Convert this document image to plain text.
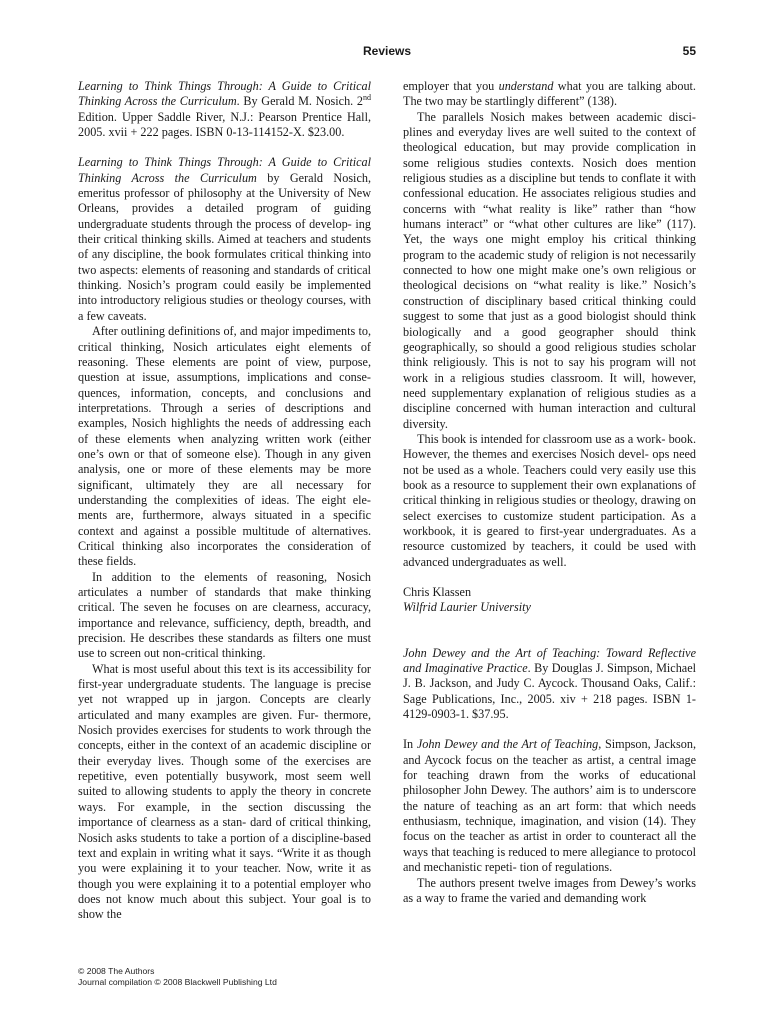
Reviews	55

Learning to Think Things Through: A Guide to Critical Thinking Across the Curriculum. By Gerald M. Nosich. 2nd Edition. Upper Saddle River, N.J.: Pearson Prentice Hall, 2005. xvii + 222 pages. ISBN 0-13-114152-X. $23.00.

Learning to Think Things Through: A Guide to Critical Thinking Across the Curriculum by Gerald Nosich, emeritus professor of philosophy at the University of New Orleans, provides a detailed program of guiding undergraduate students through the process of develop- ing their critical thinking skills. Aimed at teachers and students of any discipline, the book formulates critical thinking into two aspects: elements of reasoning and standards of critical thinking. Nosich’s program could easily be implemented into introductory religious studies or theology courses, with a few caveats.

After outlining definitions of, and major impediments to, critical thinking, Nosich articulates eight elements of reasoning. These elements are point of view, purpose, question at issue, assumptions, implications and conse- quences, information, concepts, and conclusions and interpretations. Through a series of descriptions and examples, Nosich highlights the needs of addressing each of these elements when analyzing written work (either one’s own or that of someone else). Though in any given analysis, one or more of these elements may be more significant, ultimately they are all necessary for understanding the complexities of ideas. The eight ele- ments are, furthermore, always situated in a specific context and against a possible multitude of alternatives. Critical thinking also incorporates the consideration of these fields.

In addition to the elements of reasoning, Nosich articulates a number of standards that make thinking critical. The seven he focuses on are clearness, accuracy, importance and relevance, sufficiency, depth, breadth, and precision. He describes these standards as filters one must use to screen out non-critical thinking.

What is most useful about this text is its accessibility for first-year undergraduate students. The language is precise yet not wrapped up in jargon. Concepts are clearly articulated and many examples are given. Fur- thermore, Nosich provides exercises for students to work through the concepts, either in the context of an academic discipline or their everyday lives. Though some of the exercises are repetitive, even potentially busywork, most seem well suited to allowing students to apply the theory in concrete ways. For example, in the section discussing the importance of clearness as a stan- dard of critical thinking, Nosich asks students to take a portion of a discipline-based text and explain in writing what it says. “Write it as though you were explaining it to your teacher. Now, write it as though you were explaining it to a potential employer who does not know much about this subject. Your goal is to show the

employer that you understand what you are talking about. The two may be startlingly different” (138).

The parallels Nosich makes between academic disci- plines and everyday lives are well suited to the context of theological education, but may provide complication in some religious studies contexts. Nosich does mention religious studies as a discipline but tends to conflate it with confessional education. He associates religious studies and concerns with “what reality is like” rather than “how humans interact” or “what other cultures are like” (117). Yet, the ways one might employ his critical thinking program to the academic study of religion is not necessarily connected to how one might make one’s own religious or theological decisions on “what reality is like.” Nosich’s construction of disciplinary based critical thinking could suggest to some that just as a good biologist should think biologically and a good geographer should think geographically, so should a good religious studies scholar think religiously. This is not to say his program will not work in a religious studies classroom. It will, however, need supplementary explanation of religious studies as a discipline concerned with human interaction and cultural diversity.

This book is intended for classroom use as a work- book. However, the themes and exercises Nosich devel- ops need not be used as a whole. Teachers could very easily use this book as a resource to supplement their own explanations of critical thinking in religious studies or theology, drawing on select exercises to customize student participation. As a workbook, it is geared to first-year undergraduates. As a resource customized by teachers, it could be used with advanced undergraduates as well.

Chris Klassen

Wilfrid Laurier University

John Dewey and the Art of Teaching: Toward Reflective and Imaginative Practice. By Douglas J. Simpson, Michael J. B. Jackson, and Judy C. Aycock. Thousand Oaks, Calif.: Sage Publications, Inc., 2005. xiv + 218 pages. ISBN 1-4129-0903-1. $37.95.

In John Dewey and the Art of Teaching, Simpson, Jackson, and Aycock focus on the teacher as artist, a central image for teaching drawn from the works of educational philosopher John Dewey. The authors’ aim is to underscore the nature of teaching as an art form: that which needs enthusiasm, technique, imagination, and vision (14). They focus on the teacher as artist in order to counteract all the ways that teaching is reduced to mere allegiance to protocol and mechanistic repeti- tion of regulations.

The authors present twelve images from Dewey’s works as a way to frame the varied and demanding work

© 2008 The Authors
Journal compilation © 2008 Blackwell Publishing Ltd
